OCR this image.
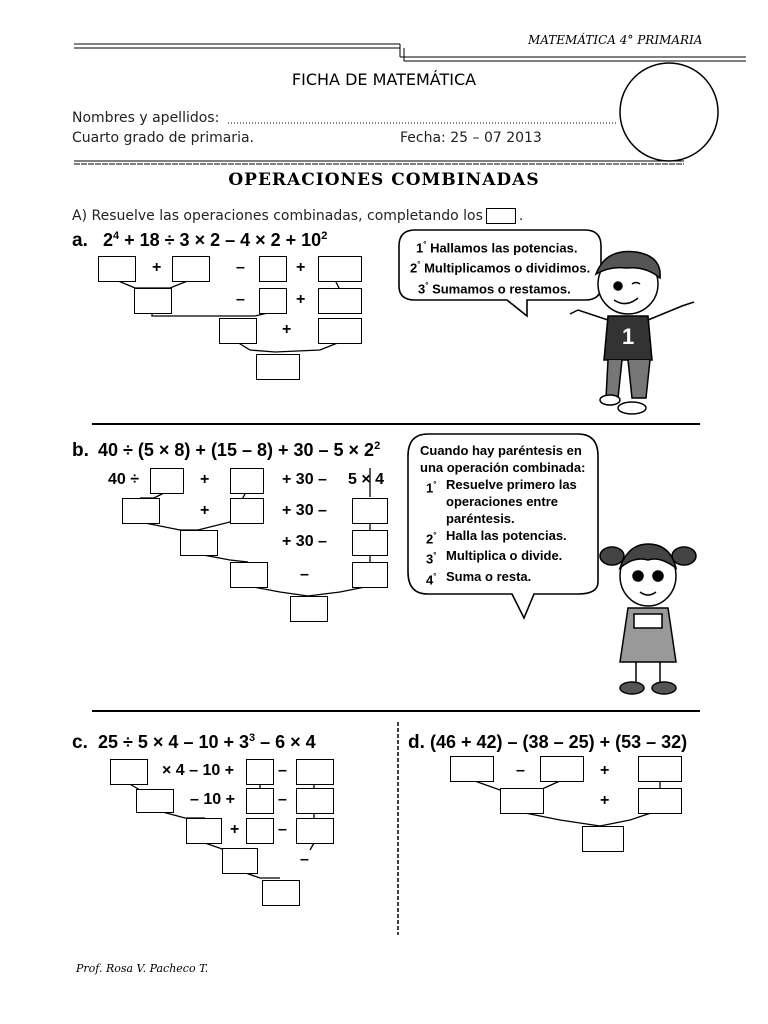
MATEMÁTICA 4° PRIMARIA
FICHA DE MATEMÁTICA
Nombres y apellidos:
Cuarto grado de primaria.	Fecha: 25 – 07 2013
OPERACIONES COMBINADAS
A) Resuelve las operaciones combinadas, completando los	.
a. $2^4 + 18 \div 3 \times 2 - 4 \times 2 + 10^2$
+	–	+
–	+
+
1° Hallamos las potencias.
2° Multiplicamos o dividimos.
3° Sumamos o restamos.
1
b. $40 \div (5 \times 8) + (15 - 8) + 30 - 5 \times 2^2$
40 ÷	+	+ 30 – 5 × 4
+	+ 30 –
+ 30 –
–
Cuando hay paréntesis en
una operación combinada:
1° Resuelve primero las
operaciones entre
paréntesis.
2° Halla las potencias.
3° Multiplica o divide.
4° Suma o resta.
c. $25 \div 5 \times 4 - 10 + 3^3 - 6 \times 4$
× 4 – 10 +	–
– 10 +	–
+ –
–
d. (46 + 42) – (38 – 25) + (53 – 32)
–	+
+
Prof. Rosa V. Pacheco T.
